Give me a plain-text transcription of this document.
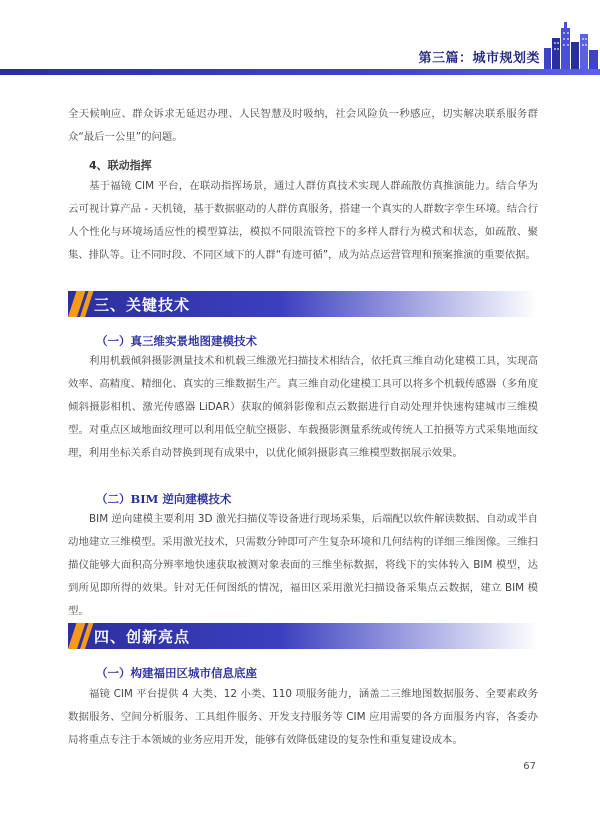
第三篇：城市规划类

全天候响应、群众诉求无延迟办理、人民智慧及时吸纳，社会风险负一秒感应，切实解决联系服务群众“最后一公里”的问题。

4、联动指挥

基于福镜 CIM 平台，在联动指挥场景，通过人群仿真技术实现人群疏散仿真推演能力。结合华为云可视计算产品 - 天机镜，基于数据驱动的人群仿真服务，搭建一个真实的人群数字孪生环境。结合行人个性化与环境场适应性的模型算法，模拟不同限流管控下的多样人群行为模式和状态，如疏散、聚集、排队等。让不同时段、不同区域下的人群“有迹可循”，成为站点运营管理和预案推演的重要依据。

三、关键技术
（一）真三维实景地图建模技术

利用机载倾斜摄影测量技术和机载三维激光扫描技术相结合，依托真三维自动化建模工具，实现高效率、高精度、精细化、真实的三维数据生产。真三维自动化建模工具可以将多个机载传感器（多角度倾斜摄影相机、激光传感器 LiDAR）获取的倾斜影像和点云数据进行自动处理并快速构建城市三维模型。对重点区域地面纹理可以利用低空航空摄影、车载摄影测量系统或传统人工拍摄等方式采集地面纹理，利用坐标关系自动替换到现有成果中，以优化倾斜摄影真三维模型数据展示效果。

（二）BIM 逆向建模技术

BIM 逆向建模主要利用 3D 激光扫描仪等设备进行现场采集，后端配以软件解读数据、自动或半自动地建立三维模型。采用激光技术，只需数分钟即可产生复杂环境和几何结构的详细三维图像。三维扫描仪能够大面积高分辨率地快速获取被测对象表面的三维坐标数据，将线下的实体转入 BIM 模型，达到所见即所得的效果。针对无任何图纸的情况，福田区采用激光扫描设备采集点云数据，建立 BIM 模型。

四、创新亮点
（一）构建福田区城市信息底座

福镜 CIM 平台提供 4 大类、12 小类、110 项服务能力，涵盖二三维地图数据服务、全要素政务数据服务、空间分析服务、工具组件服务、开发支持服务等 CIM 应用需要的各方面服务内容，各委办局将重点专注于本领域的业务应用开发，能够有效降低建设的复杂性和重复建设成本。

67
